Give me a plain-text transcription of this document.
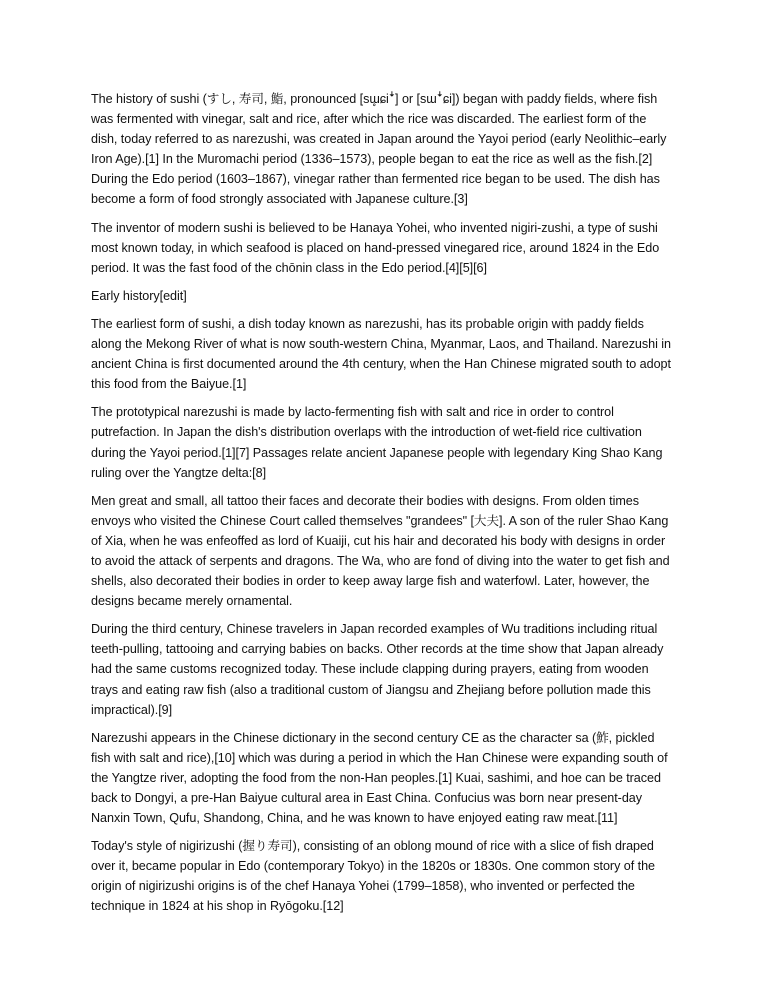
The history of sushi (すし, 寿司, 鮨, pronounced [sɯ̥ɕiꜜ] or [sɯꜜɕi]) began with paddy fields, where fish was fermented with vinegar, salt and rice, after which the rice was discarded. The earliest form of the dish, today referred to as narezushi, was created in Japan around the Yayoi period (early Neolithic–early Iron Age).[1] In the Muromachi period (1336–1573), people began to eat the rice as well as the fish.[2] During the Edo period (1603–1867), vinegar rather than fermented rice began to be used. The dish has become a form of food strongly associated with Japanese culture.[3]

The inventor of modern sushi is believed to be Hanaya Yohei, who invented nigiri-zushi, a type of sushi most known today, in which seafood is placed on hand-pressed vinegared rice, around 1824 in the Edo period. It was the fast food of the chōnin class in the Edo period.[4][5][6]

Early history[edit]

The earliest form of sushi, a dish today known as narezushi, has its probable origin with paddy fields along the Mekong River of what is now south-western China, Myanmar, Laos, and Thailand. Narezushi in ancient China is first documented around the 4th century, when the Han Chinese migrated south to adopt this food from the Baiyue.[1]

The prototypical narezushi is made by lacto-fermenting fish with salt and rice in order to control putrefaction. In Japan the dish's distribution overlaps with the introduction of wet-field rice cultivation during the Yayoi period.[1][7] Passages relate ancient Japanese people with legendary King Shao Kang ruling over the Yangtze delta:[8]

Men great and small, all tattoo their faces and decorate their bodies with designs. From olden times envoys who visited the Chinese Court called themselves "grandees" [大夫]. A son of the ruler Shao Kang of Xia, when he was enfeoffed as lord of Kuaiji, cut his hair and decorated his body with designs in order to avoid the attack of serpents and dragons. The Wa, who are fond of diving into the water to get fish and shells, also decorated their bodies in order to keep away large fish and waterfowl. Later, however, the designs became merely ornamental.

During the third century, Chinese travelers in Japan recorded examples of Wu traditions including ritual teeth-pulling, tattooing and carrying babies on backs. Other records at the time show that Japan already had the same customs recognized today. These include clapping during prayers, eating from wooden trays and eating raw fish (also a traditional custom of Jiangsu and Zhejiang before pollution made this impractical).[9]

Narezushi appears in the Chinese dictionary in the second century CE as the character sa (鮓, pickled fish with salt and rice),[10] which was during a period in which the Han Chinese were expanding south of the Yangtze river, adopting the food from the non-Han peoples.[1] Kuai, sashimi, and hoe can be traced back to Dongyi, a pre-Han Baiyue cultural area in East China. Confucius was born near present-day Nanxin Town, Qufu, Shandong, China, and he was known to have enjoyed eating raw meat.[11]

Today's style of nigirizushi (握り寿司), consisting of an oblong mound of rice with a slice of fish draped over it, became popular in Edo (contemporary Tokyo) in the 1820s or 1830s. One common story of the origin of nigirizushi origins is of the chef Hanaya Yohei (1799–1858), who invented or perfected the technique in 1824 at his shop in Ryōgoku.[12]
